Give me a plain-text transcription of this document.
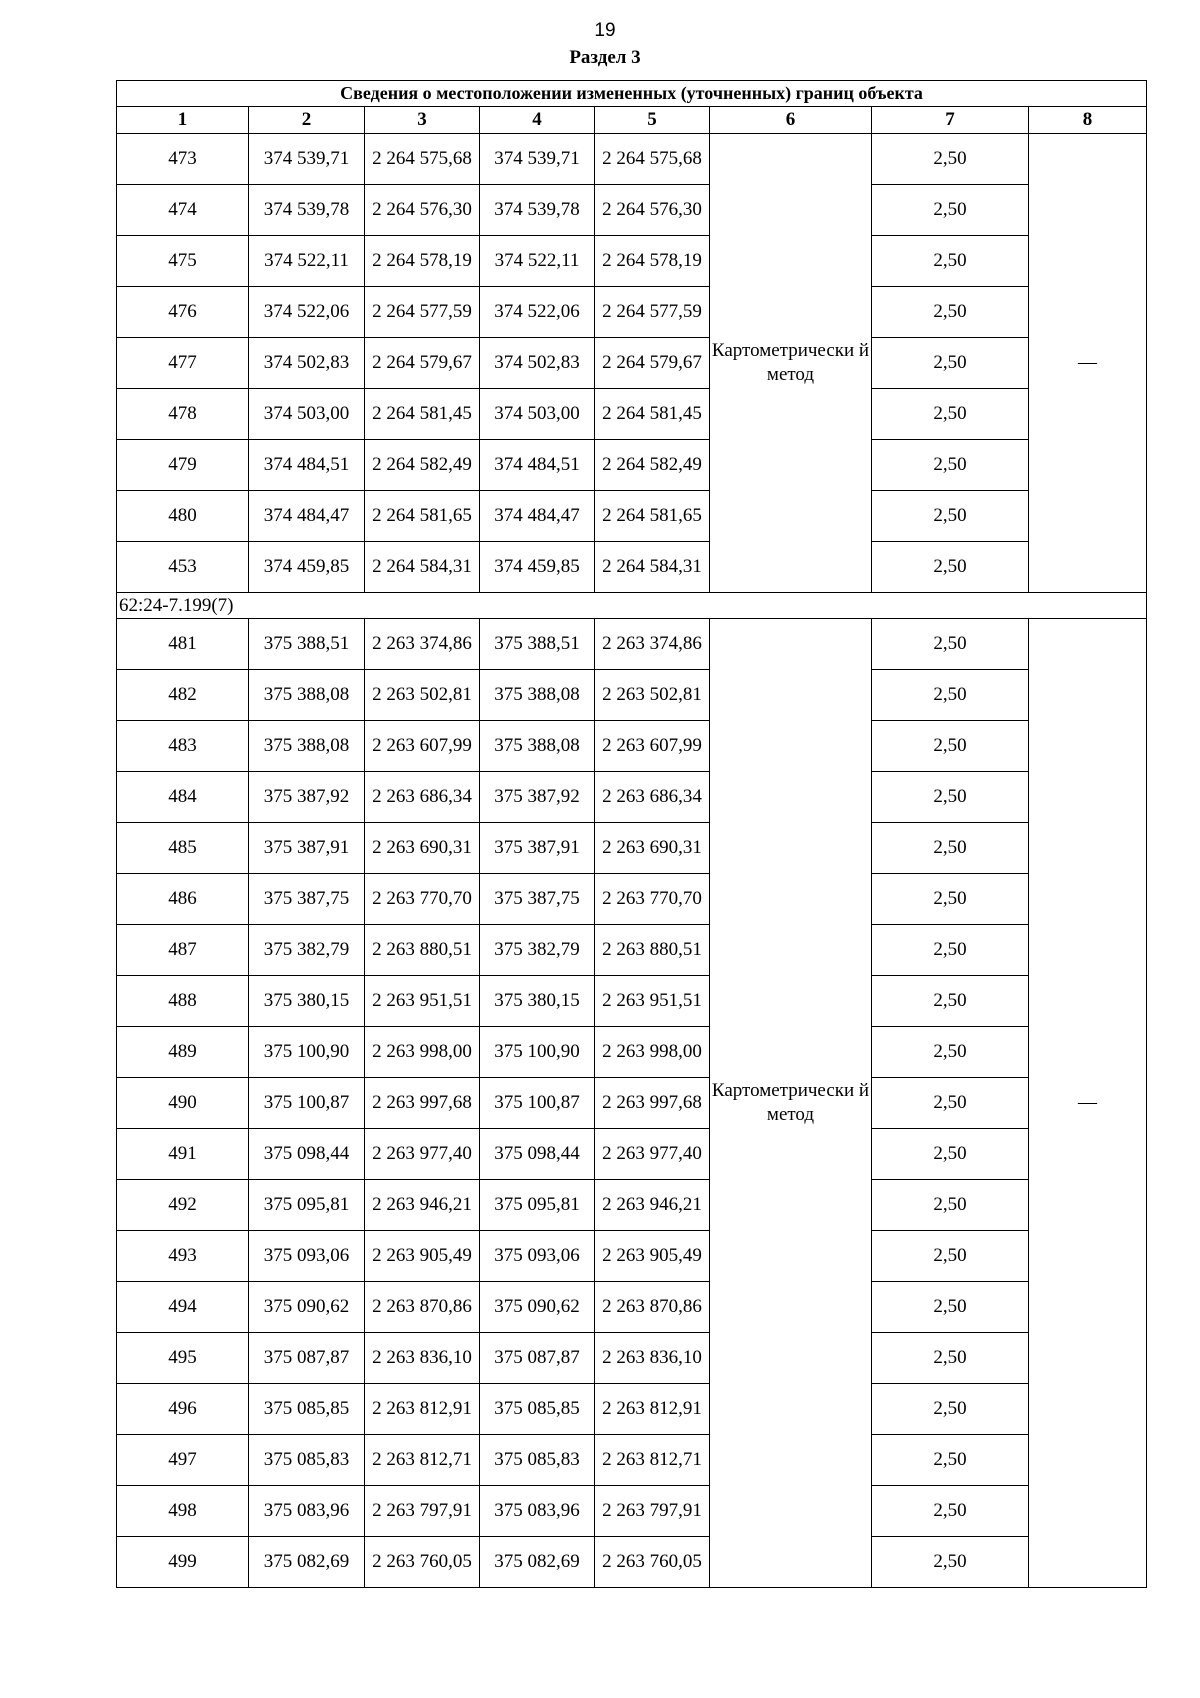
19
Раздел 3
Сведения о местоположении измененных (уточненных) границ объекта							
1	2	3	4	5	6	7	8
473	374 539,71	2 264 575,68	374 539,71	2 264 575,68	Картометрически й метод	2,50	—
474	374 539,78	2 264 576,30	374 539,78	2 264 576,30		2,50	
475	374 522,11	2 264 578,19	374 522,11	2 264 578,19		2,50	
476	374 522,06	2 264 577,59	374 522,06	2 264 577,59		2,50	
477	374 502,83	2 264 579,67	374 502,83	2 264 579,67		2,50	
478	374 503,00	2 264 581,45	374 503,00	2 264 581,45		2,50	
479	374 484,51	2 264 582,49	374 484,51	2 264 582,49		2,50	
480	374 484,47	2 264 581,65	374 484,47	2 264 581,65		2,50	
453	374 459,85	2 264 584,31	374 459,85	2 264 584,31		2,50	
62:24-7.199(7)							
481	375 388,51	2 263 374,86	375 388,51	2 263 374,86	Картометрически й метод	2,50	—
482	375 388,08	2 263 502,81	375 388,08	2 263 502,81		2,50	
483	375 388,08	2 263 607,99	375 388,08	2 263 607,99		2,50	
484	375 387,92	2 263 686,34	375 387,92	2 263 686,34		2,50	
485	375 387,91	2 263 690,31	375 387,91	2 263 690,31		2,50	
486	375 387,75	2 263 770,70	375 387,75	2 263 770,70		2,50	
487	375 382,79	2 263 880,51	375 382,79	2 263 880,51		2,50	
488	375 380,15	2 263 951,51	375 380,15	2 263 951,51		2,50	
489	375 100,90	2 263 998,00	375 100,90	2 263 998,00		2,50	
490	375 100,87	2 263 997,68	375 100,87	2 263 997,68		2,50	
491	375 098,44	2 263 977,40	375 098,44	2 263 977,40		2,50	
492	375 095,81	2 263 946,21	375 095,81	2 263 946,21		2,50	
493	375 093,06	2 263 905,49	375 093,06	2 263 905,49		2,50	
494	375 090,62	2 263 870,86	375 090,62	2 263 870,86		2,50	
495	375 087,87	2 263 836,10	375 087,87	2 263 836,10		2,50	
496	375 085,85	2 263 812,91	375 085,85	2 263 812,91		2,50	
497	375 085,83	2 263 812,71	375 085,83	2 263 812,71		2,50	
498	375 083,96	2 263 797,91	375 083,96	2 263 797,91		2,50	
499	375 082,69	2 263 760,05	375 082,69	2 263 760,05		2,50	
